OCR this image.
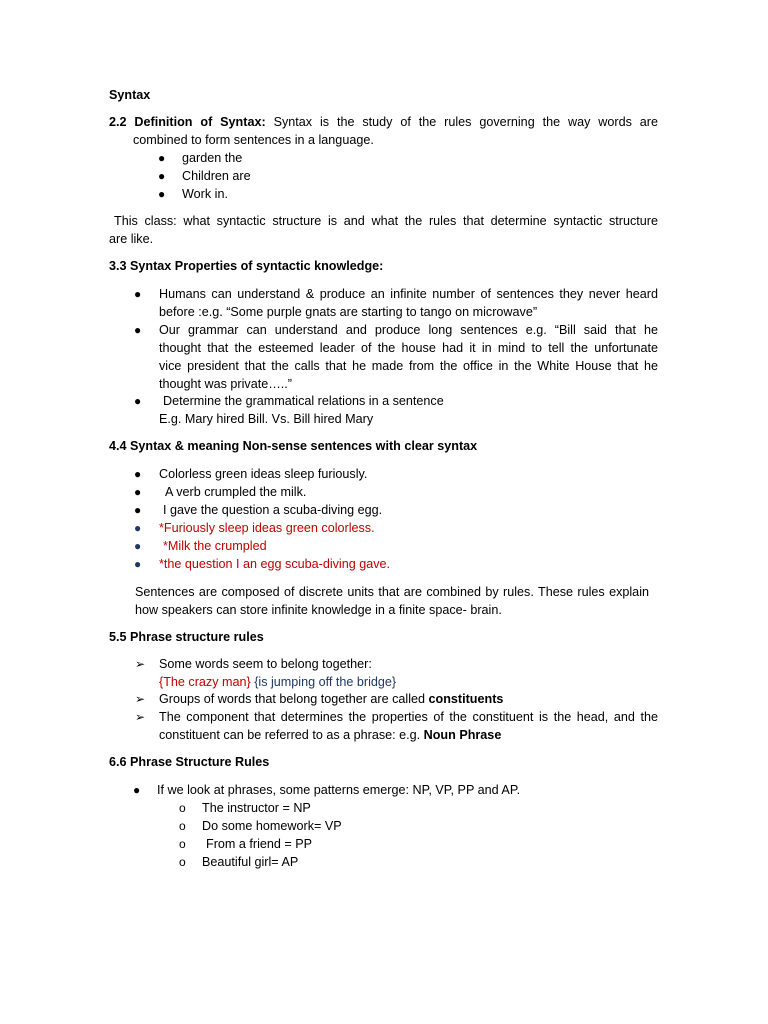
Syntax
2.2 Definition of Syntax: Syntax is the study of the rules governing the way words are
combined to form sentences in a language.
● garden the
● Children are
● Work in.
This class: what syntactic structure is and what the rules that determine syntactic structure
are like.
3.3 Syntax Properties of syntactic knowledge:
● Humans can understand & produce an infinite number of sentences they never heard
before :e.g. “Some purple gnats are starting to tango on microwave”
● Our grammar can understand and produce long sentences e.g. “Bill said that he
thought that the esteemed leader of the house had it in mind to tell the unfortunate
vice president that the calls that he made from the office in the White House that he
thought was private…..”
● Determine the grammatical relations in a sentence
E.g. Mary hired Bill. Vs. Bill hired Mary
4.4 Syntax & meaning Non-sense sentences with clear syntax
● Colorless green ideas sleep furiously.
● A verb crumpled the milk.
● I gave the question a scuba-diving egg.
● *Furiously sleep ideas green colorless.
● *Milk the crumpled
● *the question I an egg scuba-diving gave.
Sentences are composed of discrete units that are combined by rules. These rules explain
how speakers can store infinite knowledge in a finite space- brain.
5.5 Phrase structure rules
➢ Some words seem to belong together:
{The crazy man} {is jumping off the bridge}
➢ Groups of words that belong together are called constituents
➢ The component that determines the properties of the constituent is the head, and the
constituent can be referred to as a phrase: e.g. Noun Phrase
6.6 Phrase Structure Rules
● If we look at phrases, some patterns emerge: NP, VP, PP and AP.
o The instructor = NP
o Do some homework= VP
o From a friend = PP
o Beautiful girl= AP
